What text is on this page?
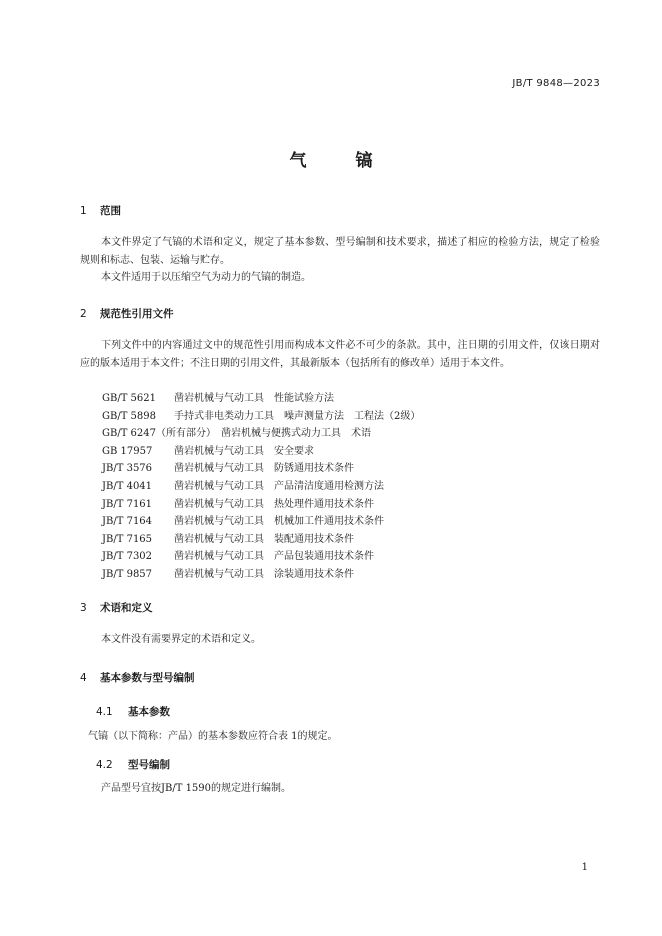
JB/T 9848—2023
气　镐
1 范围
本文件界定了气镐的术语和定义，规定了基本参数、型号编制和技术要求，描述了相应的检验方法，规定了检验规则和标志、包装、运输与贮存。
本文件适用于以压缩空气为动力的气镐的制造。
2 规范性引用文件
下列文件中的内容通过文中的规范性引用而构成本文件必不可少的条款。其中，注日期的引用文件，仅该日期对应的版本适用于本文件；不注日期的引用文件，其最新版本（包括所有的修改单）适用于本文件。
GB/T 5621　 凿岩机械与气动工具　性能试验方法
GB/T 5898　 手持式非电类动力工具　噪声测量方法　工程法（2级）
GB/T 6247（所有部分）　 凿岩机械与便携式动力工具　术语
GB 17957　 凿岩机械与气动工具　安全要求
JB/T 3576　 凿岩机械与气动工具　防锈通用技术条件
JB/T 4041　 凿岩机械与气动工具　产品清洁度通用检测方法
JB/T 7161　 凿岩机械与气动工具　热处理件通用技术条件
JB/T 7164　 凿岩机械与气动工具　机械加工件通用技术条件
JB/T 7165　 凿岩机械与气动工具　装配通用技术条件
JB/T 7302　 凿岩机械与气动工具　产品包装通用技术条件
JB/T 9857　 凿岩机械与气动工具　涂装通用技术条件
3 术语和定义
本文件没有需要界定的术语和定义。
4 基本参数与型号编制
4.1 基本参数
气镐（以下简称：产品）的基本参数应符合表 1的规定。
4.2 型号编制
产品型号宜按JB/T 1590的规定进行编制。
1
